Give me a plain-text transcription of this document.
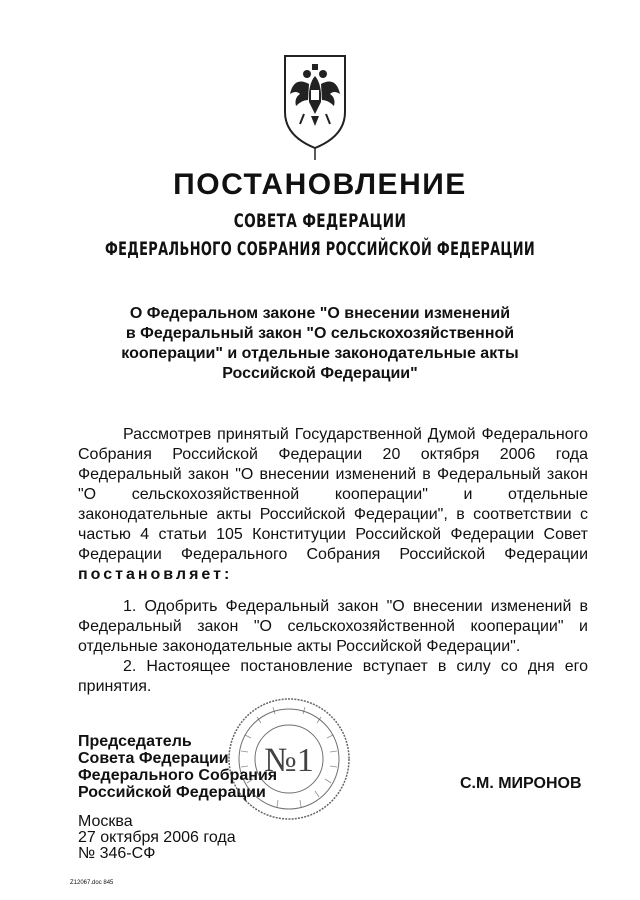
ПОСТАНОВЛЕНИЕ
СОВЕТА ФЕДЕРАЦИИ
ФЕДЕРАЛЬНОГО СОБРАНИЯ РОССИЙСКОЙ ФЕДЕРАЦИИ
О Федеральном законе "О внесении изменений
в Федеральный закон "О сельскохозяйственной
кооперации" и отдельные законодательные акты
Российской Федерации"
Рассмотрев принятый Государственной Думой Федерального
Собрания Российской Федерации 20 октября 2006 года
Федеральный закон "О внесении изменений в Федеральный закон
"О сельскохозяйственной кооперации" и отдельные
законодательные акты Российской Федерации", в соответствии с
частью 4 статьи 105 Конституции Российской Федерации Совет
Федерации Федерального Собрания Российской Федерации
постановляет:
1. Одобрить Федеральный закон "О внесении изменений в
Федеральный закон "О сельскохозяйственной кооперации" и
отдельные законодательные акты Российской Федерации".
2. Настоящее постановление вступает в силу со дня его
принятия.
Председатель
Совета Федерации
Федерального Собрания
Российской Федерации
№1
С.М. МИРОНОВ
Москва
27 октября 2006 года
№ 346-СФ
Z12067.doc 845
